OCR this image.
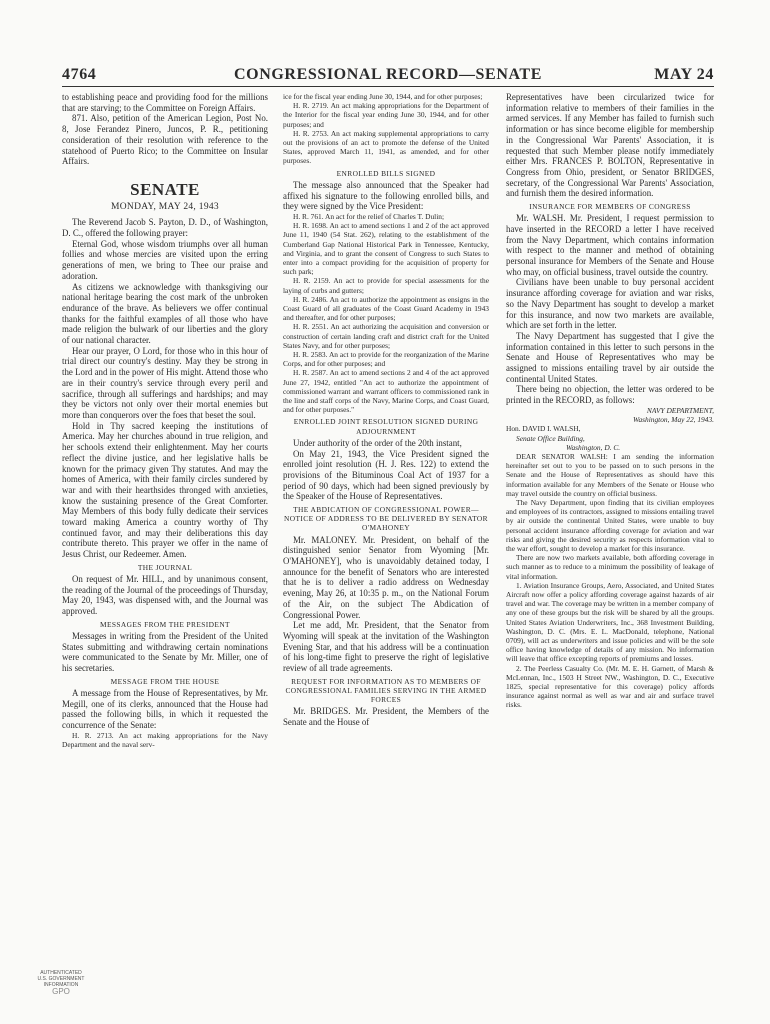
CONGRESSIONAL RECORD—SENATE
4764	MAY 24

to establishing peace and providing food for the millions that are starving; to the Committee on Foreign Affairs.

871. Also, petition of the American Legion, Post No. 8, Jose Ferandez Pinero, Juncos, P. R., petitioning consideration of their resolution with reference to the statehood of Puerto Rico; to the Committee on Insular Affairs.

SENATE
MONDAY, MAY 24, 1943

The Reverend Jacob S. Payton, D. D., of Washington, D. C., offered the following prayer:

Eternal God, whose wisdom triumphs over all human follies and whose mercies are visited upon the erring generations of men, we bring to Thee our praise and adoration.

As citizens we acknowledge with thanksgiving our national heritage bearing the cost mark of the unbroken endurance of the brave. As believers we offer continual thanks for the faithful examples of all those who have made religion the bulwark of our liberties and the glory of our national character.

Hear our prayer, O Lord, for those who in this hour of trial direct our country's destiny. May they be strong in the Lord and in the power of His might. Attend those who are in their country's service through every peril and sacrifice, through all sufferings and hardships; and may they be victors not only over their mortal enemies but more than conquerors over the foes that beset the soul.

Hold in Thy sacred keeping the institutions of America. May her churches abound in true religion, and her schools extend their enlightenment. May her courts reflect the divine justice, and her legislative halls be known for the primacy given Thy statutes. And may the homes of America, with their family circles sundered by war and with their hearthsides thronged with anxieties, know the sustaining presence of the Great Comforter. May Members of this body fully dedicate their services toward making America a country worthy of Thy continued favor, and may their deliberations this day contribute thereto. This prayer we offer in the name of Jesus Christ, our Redeemer. Amen.

THE JOURNAL

On request of Mr. HILL, and by unanimous consent, the reading of the Journal of the proceedings of Thursday, May 20, 1943, was dispensed with, and the Journal was approved.

MESSAGES FROM THE PRESIDENT

Messages in writing from the President of the United States submitting and withdrawing certain nominations were communicated to the Senate by Mr. Miller, one of his secretaries.

MESSAGE FROM THE HOUSE

A message from the House of Representatives, by Mr. Megill, one of its clerks, announced that the House had passed the following bills, in which it requested the concurrence of the Senate:

H. R. 2713. An act making appropriations for the Navy Department and the naval serv-

ice for the fiscal year ending June 30, 1944, and for other purposes;

H. R. 2719. An act making appropriations for the Department of the Interior for the fiscal year ending June 30, 1944, and for other purposes; and

H. R. 2753. An act making supplemental appropriations to carry out the provisions of an act to promote the defense of the United States, approved March 11, 1941, as amended, and for other purposes.

ENROLLED BILLS SIGNED

The message also announced that the Speaker had affixed his signature to the following enrolled bills, and they were signed by the Vice President:

H. R. 761. An act for the relief of Charles T. Dulin;

H. R. 1698. An act to amend sections 1 and 2 of the act approved June 11, 1940 (54 Stat. 262), relating to the establishment of the Cumberland Gap National Historical Park in Tennessee, Kentucky, and Virginia, and to grant the consent of Congress to such States to enter into a compact providing for the acquisition of property for such park;

H. R. 2159. An act to provide for special assessments for the laying of curbs and gutters;

H. R. 2486. An act to authorize the appointment as ensigns in the Coast Guard of all graduates of the Coast Guard Academy in 1943 and thereafter, and for other purposes;

H. R. 2551. An act authorizing the acquisition and conversion or construction of certain landing craft and district craft for the United States Navy, and for other purposes;

H. R. 2583. An act to provide for the reorganization of the Marine Corps, and for other purposes; and

H. R. 2587. An act to amend sections 2 and 4 of the act approved June 27, 1942, entitled "An act to authorize the appointment of commissioned warrant and warrant officers to commissioned rank in the line and staff corps of the Navy, Marine Corps, and Coast Guard, and for other purposes."

ENROLLED JOINT RESOLUTION SIGNED DURING ADJOURNMENT

Under authority of the order of the 20th instant,

On May 21, 1943, the Vice President signed the enrolled joint resolution (H. J. Res. 122) to extend the provisions of the Bituminous Coal Act of 1937 for a period of 90 days, which had been signed previously by the Speaker of the House of Representatives.

THE ABDICATION OF CONGRESSIONAL POWER—NOTICE OF ADDRESS TO BE DELIVERED BY SENATOR O'MAHONEY

Mr. MALONEY. Mr. President, on behalf of the distinguished senior Senator from Wyoming [Mr. O'MAHONEY], who is unavoidably detained today, I announce for the benefit of Senators who are interested that he is to deliver a radio address on Wednesday evening, May 26, at 10:35 p. m., on the National Forum of the Air, on the subject The Abdication of Congressional Power.

Let me add, Mr. President, that the Senator from Wyoming will speak at the invitation of the Washington Evening Star, and that his address will be a continuation of his long-time fight to preserve the right of legislative review of all trade agreements.

REQUEST FOR INFORMATION AS TO MEMBERS OF CONGRESSIONAL FAMILIES SERVING IN THE ARMED FORCES

Mr. BRIDGES. Mr. President, the Members of the Senate and the House of

Representatives have been circularized twice for information relative to members of their families in the armed services. If any Member has failed to furnish such information or has since become eligible for membership in the Congressional War Parents' Association, it is requested that such Member please notify immediately either Mrs. FRANCES P. BOLTON, Representative in Congress from Ohio, president, or Senator BRIDGES, secretary, of the Congressional War Parents' Association, and furnish them the desired information.

INSURANCE FOR MEMBERS OF CONGRESS

Mr. WALSH. Mr. President, I request permission to have inserted in the RECORD a letter I have received from the Navy Department, which contains information with respect to the manner and method of obtaining personal insurance for Members of the Senate and House who may, on official business, travel outside the country.

Civilians have been unable to buy personal accident insurance affording coverage for aviation and war risks, so the Navy Department has sought to develop a market for this insurance, and now two markets are available, which are set forth in the letter.

The Navy Department has suggested that I give the information contained in this letter to such persons in the Senate and House of Representatives who may be assigned to missions entailing travel by air outside the continental United States.

There being no objection, the letter was ordered to be printed in the RECORD, as follows:

NAVY DEPARTMENT,

Washington, May 22, 1943.

Hon. DAVID I. WALSH,

Senate Office Building,

Washington, D. C.

DEAR SENATOR WALSH: I am sending the information hereinafter set out to you to be passed on to such persons in the Senate and the House of Representatives as should have this information available for any Members of the Senate or House who may travel outside the country on official business.

The Navy Department, upon finding that its civilian employees and employees of its contractors, assigned to missions entailing travel by air outside the continental United States, were unable to buy personal accident insurance affording coverage for aviation and war risks and giving the desired security as respects information vital to the war effort, sought to develop a market for this insurance.

There are now two markets available, both affording coverage in such manner as to reduce to a minimum the possibility of leakage of vital information.

1. Aviation Insurance Groups, Aero, Associated, and United States Aircraft now offer a policy affording coverage against hazards of air travel and war. The coverage may be written in a member company of any one of these groups but the risk will be shared by all the groups. United States Aviation Underwriters, Inc., 368 Investment Building, Washington, D. C. (Mrs. E. L. MacDonald, telephone, National 0709), will act as underwriters and issue policies and will be the sole office having knowledge of details of any mission. No information will leave that office excepting reports of premiums and losses.

2. The Peerless Casualty Co. (Mr. M. E. H. Garnett, of Marsh & McLennan, Inc., 1503 H Street NW., Washington, D. C., Executive 1825, special representative for this coverage) policy affords insurance against normal as well as war and air and surface travel risks.

AUTHENTICATED
U.S. GOVERNMENT
INFORMATION
GPO
